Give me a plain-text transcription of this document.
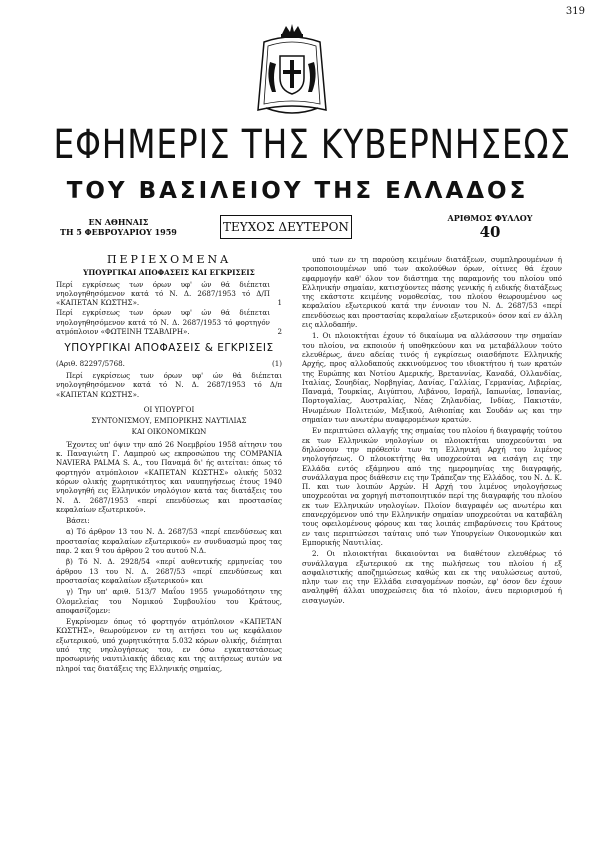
319
ΕΦΗΜΕΡΙΣ ΤΗΣ ΚΥΒΕΡΝΗΣΕΩΣ
ΤΟΥ ΒΑΣΙΛΕΙΟΥ ΤΗΣ ΕΛΛΑΔΟΣ
ΕΝ ΑΘΗΝΑΙΣ
ΤΗ 5 ΦΕΒΡΟΥΑΡΙΟΥ 1959	ΤΕΥΧΟΣ ΔΕΥΤΕΡΟΝ
ΑΡΙΘΜΟΣ ΦΥΛΛΟΥ
40
ΠΕΡΙΕΧΟΜΕΝΑ
ΥΠΟΥΡΓΙΚΑΙ ΑΠΟΦΑΣΕΙΣ ΚΑΙ ΕΓΚΡΙΣΕΙΣ
Περί εγκρίσεως των όρων υφ' ών θά διέπεται νηολογηθησόμενον κατά τό Ν. Δ. 2687/1953 τό Δ/Π «ΚΑΠΕΤΑΝ ΚΩΣΤΗΣ».	1
Περί εγκρίσεως των όρων υφ' ών θά διέπεται νηολογηθησόμενον κατά τό Ν. Δ. 2687/1953 τό φορτηγόν ατμόπλοιον «ΦΩΤΕΙΝΗ ΤΣΑΒΛΙΡΗ».	2
ΥΠΟΥΡΓΙΚΑΙ ΑΠΟΦΑΣΕΙΣ & ΕΓΚΡΙΣΕΙΣ
(Αριθ. 82297/5768.	(1)
Περί εγκρίσεως των όρων υφ' ών θά διέπεται νηολογηθησόμενον κατά τό Ν. Δ. 2687/1953 τό Δ/π «ΚΑΠΕΤΑΝ ΚΩΣΤΗΣ».
ΟΙ ΥΠΟΥΡΓΟΙ
ΣΥΝΤΟΝΙΣΜΟΥ, ΕΜΠΟΡΙΚΗΣ ΝΑΥΤΙΛΙΑΣ
ΚΑΙ ΟΙΚΟΝΟΜΙΚΩΝ
Έχοντες υπ' όψιν την από 26 Νοεμβρίου 1958 αίτησιν του κ. Παναγιώτη Γ. Λαμπρού ως εκπροσώπου της COMPANIA NAVIERA PALMA S. A., του Παναμά δι' ής αιτείται: όπως τό φορτηγόν ατμόπλοιον «ΚΑΠΕΤΑΝ ΚΩΣΤΗΣ» ολικής 5032 κόρων ολικής χωρητικότητος και ναυπηγήσεως έτους 1940 νηολογηθή εις Ελληνικόν νηολόγιον κατά τας διατάξεις του Ν. Δ. 2687/1953 «περί επενδύσεως και προστασίας κεφαλαίων εξωτερικού».
Βάσει:
α) Τό άρθρον 13 του Ν. Δ. 2687/53 «περί επενδύσεως και προστασίας κεφαλαίων εξωτερικού» εν συνδυασμώ προς τας παρ. 2 και 9 του άρθρου 2 του αυτού Ν.Δ.
β) Τό Ν. Δ. 2928/54 «περί αυθεντικής ερμηνείας του άρθρου 13 του Ν. Δ. 2687/53 «περί επενδύσεως και προστασίας κεφαλαίων εξωτερικού» και
γ) Την υπ' αριθ. 513/7 Μαΐου 1955 γνωμοδότησιν της Ολομελείας του Νομικού Συμβουλίου του Κράτους, αποφασίζομεν:
Εγκρίνομεν όπως τό φορτηγόν ατμόπλοιον «ΚΑΠΕΤΑΝ ΚΩΣΤΗΣ», θεωρούμενον εν τη αιτήσει του ως κεφάλαιον εξωτερικού, υπό χωρητικότητα 5.032 κόρων ολικής, διέπηται υπό της νηολογήσεως του, εν όσω εγκαταστάσεως προσωρινής ναυτιλιακής άδειας και της αιτήσεως αυτών να πληροί τας διατάξεις της Ελληνικής σημαίας,
υπό των εν τη παρούση κειμένων διατάξεων, συμπληρουμένων ή τροποποιουμένων υπό των ακολούθων όρων, οίτινες θά έχουν εφαρμογήν καθ' όλον τον διάστημα της παραμονής του πλοίου υπό Ελληνικήν σημαίαν, κατισχύοντες πάσης γενικής ή ειδικής διατάξεως της εκάστοτε κειμένης νομοθεσίας, του πλοίου θεωρουμένου ως κεφαλαίου εξωτερικού κατά την έννοιαν του Ν. Δ. 2687/53 «περί επενδύσεως και προστασίας κεφαλαίων εξωτερικού» όσον καί εν άλλη εις αλλοδαπήν.
1. Οι πλοιοκτήται έχουν τό δικαίωμα να αλλάσσουν την σημαίαν του πλοίου, να εκποιούν ή υποθηκεύουν και να μεταβάλλουν τούτο ελευθέρως, άνευ αδείας τινός ή εγκρίσεως οιασδήποτε Ελληνικής Αρχής, προς αλλοδαπούς εκκινούμενος του ιδιοκτήτου ή των κρατών της Ευρώπης και Νοτίου Αμερικής, Βρεταννίας, Καναδά, Ολλανδίας, Ιταλίας, Σουηδίας, Νορβηγίας, Δανίας, Γαλλίας, Γερμανίας, Λιβερίας, Παναμά, Τουρκίας, Αιγύπτου, Λιβάνου, Ισραήλ, Ιαπωνίας, Ισπανίας, Πορτογαλίας, Αυστραλίας, Νέας Ζηλανδίας, Ινδίας, Πακιστάν, Ηνωμένων Πολιτειών, Μεξικού, Αιθιοπίας και Σουδάν ως και την σημαίαν των ανωτέρω αναφερομένων κρατών.
Εν περιπτώσει αλλαγής της σημαίας του πλοίου ή διαγραφής τούτου εκ των Ελληνικών νηολογίων οι πλοιοκτήται υποχρεούνται να δηλώσουν την πρόθεσίν των τη Ελληνική Αρχή του λιμένος νηολογήσεως. Ο πλοιοκτήτης θα υποχρεούται να εισάγη εις την Ελλάδα εντός εξάμηνου από της ημερομηνίας της διαγραφής, συνάλλαγμα προς διάθεσιν εις την Τράπεζαν της Ελλάδος, του Ν. Δ. Κ. Π. και των λοιπών Αρχών. Η Αρχή του λιμένος νηολογήσεως υποχρεούται να χορηγή πιστοποιητικόν περί της διαγραφής του πλοίου εκ των Ελληνικών νηολογίων. Πλοίον διαγραφέν ως ανωτέρω και επανερχόμενον υπό την Ελληνικήν σημαίαν υποχρεούται να καταβάλη τους οφειλομένους φόρους και τας λοιπάς επιβαρύνσεις του Κράτους εν ταις περιπτώσεσι ταύταις υπό των Υπουργείων Οικονομικών και Εμπορικής Ναυτιλίας.
2. Οι πλοιοκτήται δικαιούνται να διαθέτουν ελευθέρως τό συνάλλαγμα εξωτερικού εκ της πωλήσεως του πλοίου ή εξ ασφαλιστικής αποζημιώσεως καθώς και εκ της ναυλώσεως αυτού, πλην των εις την Ελλάδα εισαγομένων ποσών, εφ' όσον δεν έχουν αναληφθή άλλαι υποχρεώσεις δια τό πλοίον, άνευ περιορισμού ή εισαγωγών.
